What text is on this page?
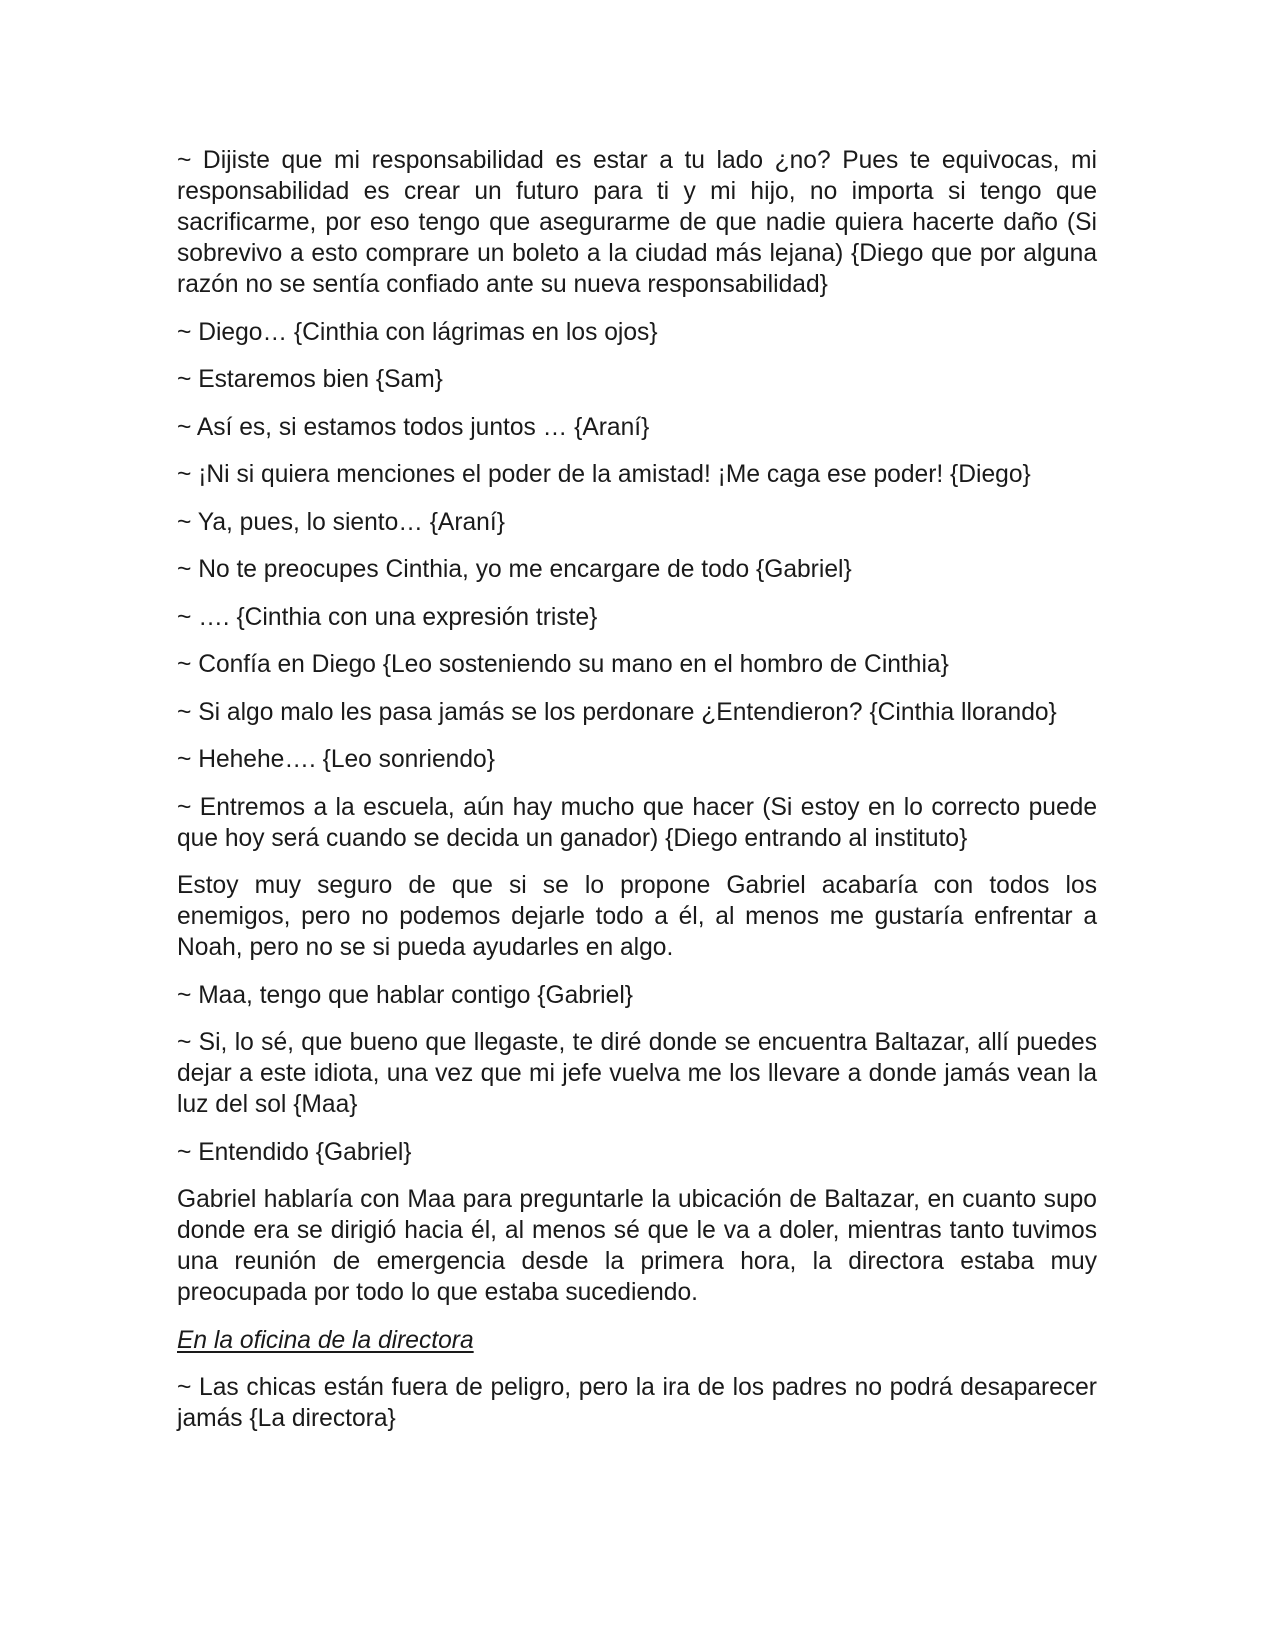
~ Dijiste que mi responsabilidad es estar a tu lado ¿no? Pues te equivocas, mi responsabilidad es crear un futuro para ti y mi hijo, no importa si tengo que sacrificarme, por eso tengo que asegurarme de que nadie quiera hacerte daño (Si sobrevivo a esto comprare un boleto a la ciudad más lejana) {Diego que por alguna razón no se sentía confiado ante su nueva responsabilidad}

~ Diego… {Cinthia con lágrimas en los ojos}

~ Estaremos bien {Sam}

~ Así es, si estamos todos juntos … {Araní}

~ ¡Ni si quiera menciones el poder de la amistad! ¡Me caga ese poder! {Diego}

~ Ya, pues, lo siento… {Araní}

~ No te preocupes Cinthia, yo me encargare de todo {Gabriel}

~ …. {Cinthia con una expresión triste}

~ Confía en Diego {Leo sosteniendo su mano en el hombro de Cinthia}

~ Si algo malo les pasa jamás se los perdonare ¿Entendieron? {Cinthia llorando}

~ Hehehe…. {Leo sonriendo}

~ Entremos a la escuela, aún hay mucho que hacer (Si estoy en lo correcto puede que hoy será cuando se decida un ganador) {Diego entrando al instituto}

Estoy muy seguro de que si se lo propone Gabriel acabaría con todos los enemigos, pero no podemos dejarle todo a él, al menos me gustaría enfrentar a Noah, pero no se si pueda ayudarles en algo.

~ Maa, tengo que hablar contigo {Gabriel}

~ Si, lo sé, que bueno que llegaste, te diré donde se encuentra Baltazar, allí puedes dejar a este idiota, una vez que mi jefe vuelva me los llevare a donde jamás vean la luz del sol {Maa}

~ Entendido {Gabriel}

Gabriel hablaría con Maa para preguntarle la ubicación de Baltazar, en cuanto supo donde era se dirigió hacia él, al menos sé que le va a doler, mientras tanto tuvimos una reunión de emergencia desde la primera hora, la directora estaba muy preocupada por todo lo que estaba sucediendo.

En la oficina de la directora

~ Las chicas están fuera de peligro, pero la ira de los padres no podrá desaparecer jamás {La directora}
